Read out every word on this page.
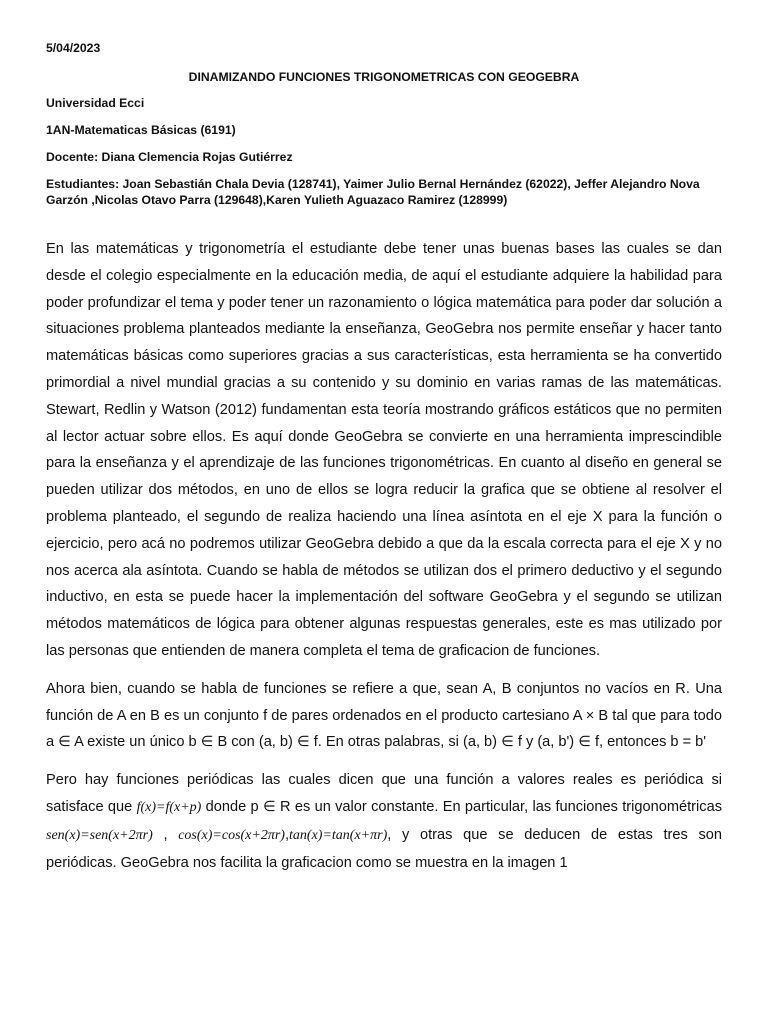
5/04/2023

DINAMIZANDO FUNCIONES TRIGONOMETRICAS CON GEOGEBRA

Universidad Ecci

1AN-Matematicas Básicas (6191)

Docente: Diana Clemencia Rojas Gutiérrez

Estudiantes: Joan Sebastián Chala Devia (128741), Yaimer Julio Bernal Hernández (62022), Jeffer Alejandro Nova Garzón ,Nicolas Otavo Parra (129648),Karen Yulieth Aguazaco Ramirez (128999)

En las matemáticas y trigonometría el estudiante debe tener unas buenas bases las cuales se dan desde el colegio especialmente en la educación media, de aquí el estudiante adquiere la habilidad para poder profundizar el tema y poder tener un razonamiento o lógica matemática para poder dar solución a situaciones problema planteados mediante la enseñanza, GeoGebra nos permite enseñar y hacer tanto matemáticas básicas como superiores gracias a sus características, esta herramienta se ha convertido primordial a nivel mundial gracias a su contenido y su dominio en varias ramas de las matemáticas. Stewart, Redlin y Watson (2012) fundamentan esta teoría mostrando gráficos estáticos que no permiten al lector actuar sobre ellos. Es aquí donde GeoGebra se convierte en una herramienta imprescindible para la enseñanza y el aprendizaje de las funciones trigonométricas. En cuanto al diseño en general se pueden utilizar dos métodos, en uno de ellos se logra reducir la grafica que se obtiene al resolver el problema planteado, el segundo de realiza haciendo una línea asíntota en el eje X para la función o ejercicio, pero acá no podremos utilizar GeoGebra debido a que da la escala correcta para el eje X y no nos acerca ala asíntota. Cuando se habla de métodos se utilizan dos el primero deductivo y el segundo inductivo, en esta se puede hacer la implementación del software GeoGebra y el segundo se utilizan métodos matemáticos de lógica para obtener algunas respuestas generales, este es mas utilizado por las personas que entienden de manera completa el tema de graficacion de funciones.

Ahora bien, cuando se habla de funciones se refiere a que, sean A, B conjuntos no vacíos en R. Una función de A en B es un conjunto f de pares ordenados en el producto cartesiano A × B tal que para todo a ∈ A existe un único b ∈ B con (a, b) ∈ f. En otras palabras, si (a, b) ∈ f y (a, b') ∈ f, entonces b = b'

Pero hay funciones periódicas las cuales dicen que una función a valores reales es periódica si satisface que f(x)=f(x+p) donde p ∈ R es un valor constante. En particular, las funciones trigonométricas sen(x)=sen(x+2πr) , cos(x)=cos(x+2πr),tan(x)=tan(x+πr), y otras que se deducen de estas tres son periódicas. GeoGebra nos facilita la graficacion como se muestra en la imagen 1
